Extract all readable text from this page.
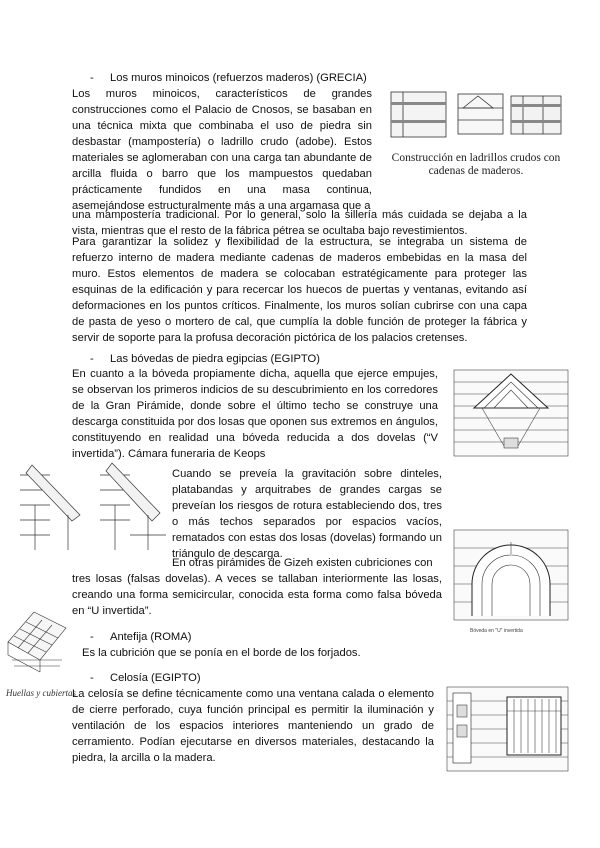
- Los muros minoicos (refuerzos maderos) (GRECIA)
Los muros minoicos, característicos de grandes construcciones como el Palacio de Cnosos, se basaban en una técnica mixta que combinaba el uso de piedra sin desbastar (mampostería) o ladrillo crudo (adobe). Estos materiales se aglomeraban con una carga tan abundante de arcilla fluida o barro que los mampuestos quedaban prácticamente fundidos en una masa continua, asemejándose estructuralmente más a una argamasa que a
una mampostería tradicional. Por lo general, solo la sillería más cuidada se dejaba a la vista, mientras que el resto de la fábrica pétrea se ocultaba bajo revestimientos.
Para garantizar la solidez y flexibilidad de la estructura, se integraba un sistema de refuerzo interno de madera mediante cadenas de maderos embebidas en la masa del muro. Estos elementos de madera se colocaban estratégicamente para proteger las esquinas de la edificación y para recercar los huecos de puertas y ventanas, evitando así deformaciones en los puntos críticos. Finalmente, los muros solían cubrirse con una capa de pasta de yeso o mortero de cal, que cumplía la doble función de proteger la fábrica y servir de soporte para la profusa decoración pictórica de los palacios cretenses.
Construcción en ladrillos crudos con cadenas de maderos.
- Las bóvedas de piedra egipcias (EGIPTO)
En cuanto a la bóveda propiamente dicha, aquella que ejerce empujes, se observan los primeros indicios de su descubrimiento en los corredores de la Gran Pirámide, donde sobre el último techo se construye una descarga constituida por dos losas que oponen sus extremos en ángulos, constituyendo en realidad una bóveda reducida a dos dovelas (“V invertida”). Cámara funeraria de Keops
Cuando se preveía la gravitación sobre dinteles, platabandas y arquitrabes de grandes cargas se preveían los riesgos de rotura estableciendo dos, tres o más techos separados por espacios vacíos, rematados con estas dos losas (dovelas) formando un triángulo de descarga.
En otras pirámides de Gizeh existen cubriciones con
tres losas (falsas dovelas). A veces se tallaban interiormente las losas, creando una forma semicircular, conocida esta forma como falsa bóveda en “U invertida”.
Bóveda en "U" invertida
- Antefija (ROMA)
Es la cubrición que se ponía en el borde de los forjados.
Huellas y cubiertas
- Celosía (EGIPTO)
La celosía se define técnicamente como una ventana calada o elemento de cierre perforado, cuya función principal es permitir la iluminación y ventilación de los espacios interiores manteniendo un grado de cerramiento. Podían ejecutarse en diversos materiales, destacando la piedra, la arcilla o la madera.
